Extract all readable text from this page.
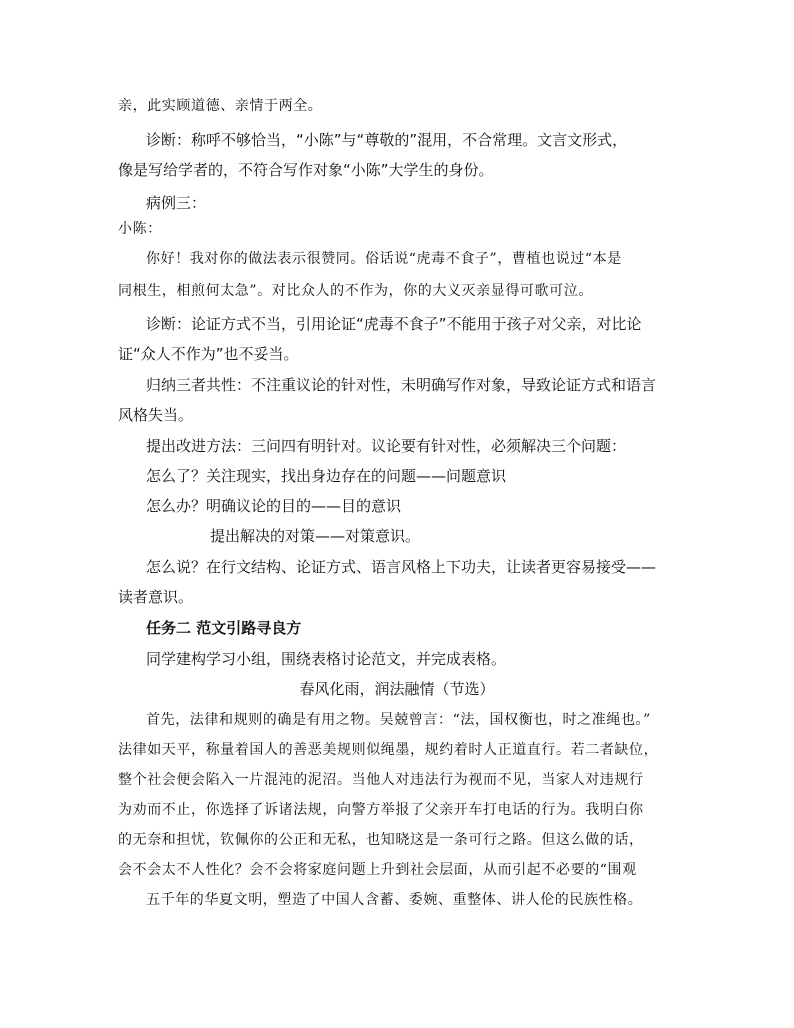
亲，此实顾道德、亲情于两全。
诊断：称呼不够恰当，“小陈”与“尊敬的”混用，不合常理。文言文形式，
像是写给学者的，不符合写作对象“小陈”大学生的身份。
病例三：
小陈：
你好！我对你的做法表示很赞同。俗话说“虎毒不食子”，曹植也说过“本是
同根生，相煎何太急”。对比众人的不作为，你的大义灭亲显得可歌可泣。
诊断：论证方式不当，引用论证“虎毒不食子”不能用于孩子对父亲，对比论
证“众人不作为”也不妥当。
归纳三者共性：不注重议论的针对性，未明确写作对象，导致论证方式和语言
风格失当。
提出改进方法：三问四有明针对。议论要有针对性，必须解决三个问题：
怎么了？关注现实，找出身边存在的问题——问题意识
怎么办？明确议论的目的——目的意识
提出解决的对策——对策意识。
怎么说？在行文结构、论证方式、语言风格上下功夫，让读者更容易接受——
读者意识。
任务二 范文引路寻良方
同学建构学习小组，围绕表格讨论范文，并完成表格。
春风化雨，润法融情（节选）
首先，法律和规则的确是有用之物。吴兢曾言：“法，国权衡也，时之准绳也。”
法律如天平，称量着国人的善恶美规则似绳墨，规约着时人正道直行。若二者缺位，
整个社会便会陷入一片混沌的泥沼。当他人对违法行为视而不见，当家人对违规行
为劝而不止，你选择了诉诸法规，向警方举报了父亲开车打电话的行为。我明白你
的无奈和担忧，钦佩你的公正和无私，也知晓这是一条可行之路。但这么做的话，
会不会太不人性化？会不会将家庭问题上升到社会层面，从而引起不必要的“围观
五千年的华夏文明，塑造了中国人含蓄、委婉、重整体、讲人伦的民族性格。
